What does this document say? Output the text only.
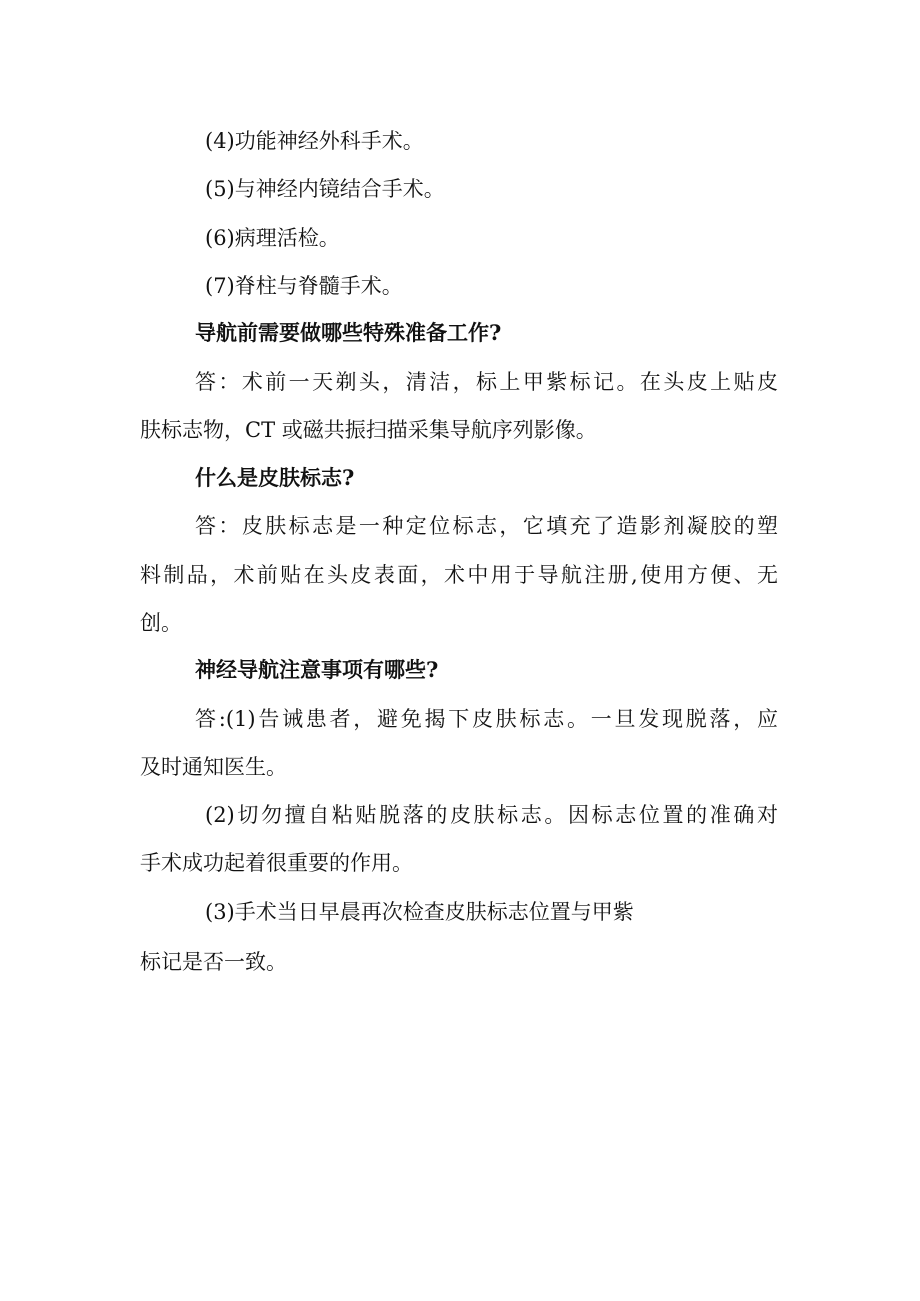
(4)功能神经外科手术。
(5)与神经内镜结合手术。
(6)病理活检。
(7)脊柱与脊髓手术。
导航前需要做哪些特殊准备工作?
答：术前一天剃头，清洁，标上甲紫标记。在头皮上贴皮
肤标志物，CT 或磁共振扫描采集导航序列影像。
什么是皮肤标志?
答：皮肤标志是一种定位标志，它填充了造影剂凝胶的塑
料制品，术前贴在头皮表面，术中用于导航注册,使用方便、无
创。
神经导航注意事项有哪些?
答:(1)告诫患者，避免揭下皮肤标志。一旦发现脱落，应
及时通知医生。
(2)切勿擅自粘贴脱落的皮肤标志。因标志位置的准确对
手术成功起着很重要的作用。
(3)手术当日早晨再次检查皮肤标志位置与甲紫
标记是否一致。
